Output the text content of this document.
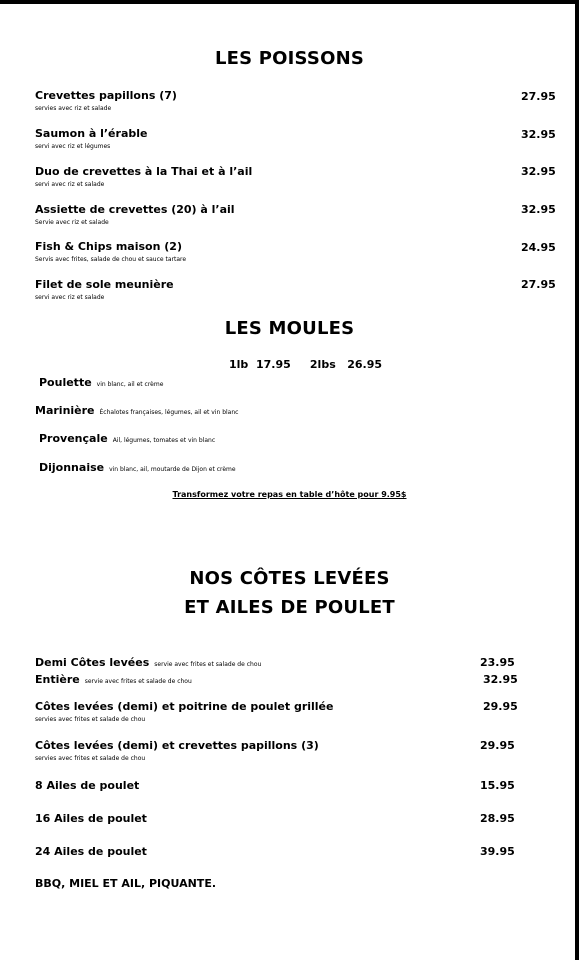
LES POISSONS
Crevettes papillons (7)
servies avec riz et salade
27.95
Saumon à l’érable
servi avec riz et légumes
32.95
Duo de crevettes à la Thai et à l’ail
servi avec riz et salade
32.95
Assiette de crevettes (20) à l’ail
Servie avec riz et salade
32.95
Fish & Chips maison (2)
Servis avec frites, salade de chou et sauce tartare
24.95
Filet de sole meunière
servi avec riz et salade
27.95
LES MOULES
1lb  17.95     2lbs   26.95
Poulette vin blanc, ail et crème
Marinière Échalotes françaises, légumes, ail et vin blanc
Provençale Ail, légumes, tomates et vin blanc
Dijonnaise vin blanc, ail, moutarde de Dijon et crème
Transformez votre repas en table d’hôte pour 9.95$
NOS CÔTES LEVÉES
ET AILES DE POULET
Demi Côtes levées servie avec frites et salade de chou	23.95
Entière servie avec frites et salade de chou	32.95
Côtes levées (demi) et poitrine de poulet grillée
servies avec frites et salade de chou
29.95
Côtes levées (demi) et crevettes papillons (3)
servies avec frites et salade de chou
29.95
8 Ailes de poulet	15.95
16 Ailes de poulet	28.95
24 Ailes de poulet	39.95
BBQ, MIEL ET AIL, PIQUANTE.
